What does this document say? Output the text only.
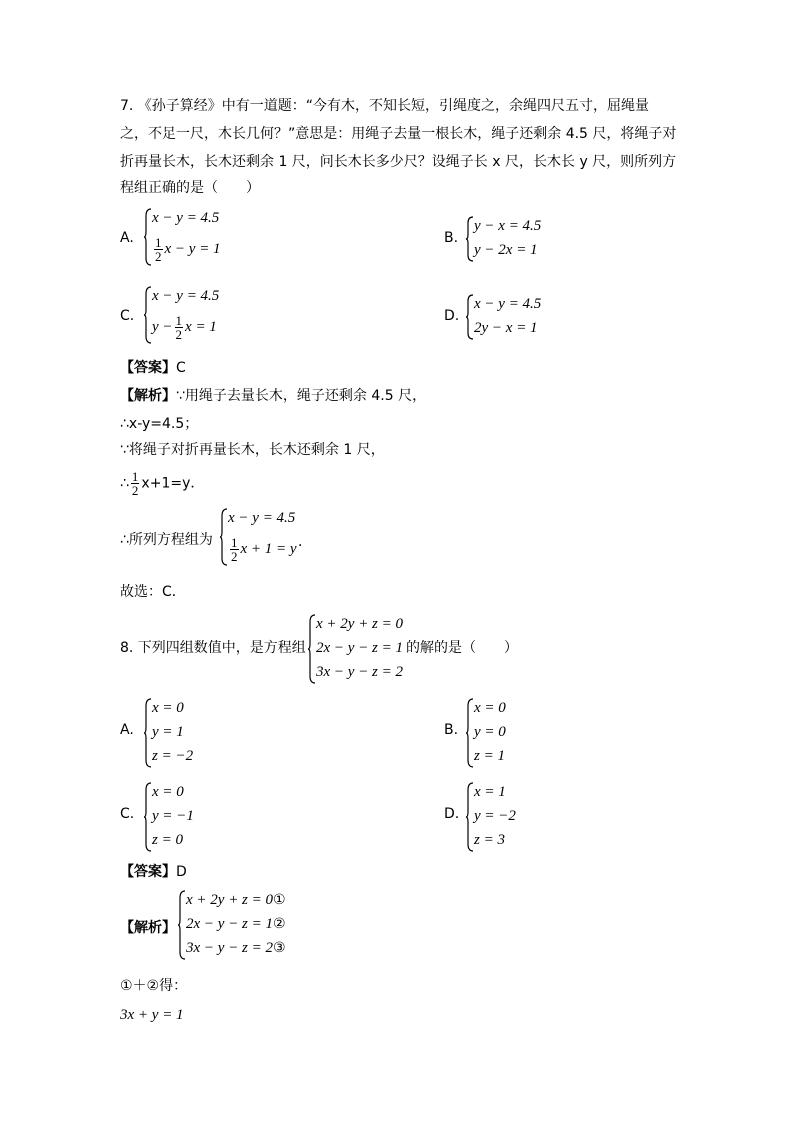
7. 《孙子算经》中有一道题：“今有木，不知长短，引绳度之，余绳四尺五寸，屈绳量
之，不足一尺，木长几何？”意思是：用绳子去量一根长木，绳子还剩余 4.5 尺，将绳子对
折再量长木，长木还剩余 1 尺，问长木长多少尺？设绳子长 x 尺，长木长 y 尺，则所列方
程组正确的是（　　）
A.
x − y = 4.5
$\frac{1}{2}$ x − y = 1
B.
y − x = 4.5
y − 2x = 1
C.
x − y = 4.5
$y - \frac{1}{2}$ x = 1
D.
x − y = 4.5
2y − x = 1
【答案】C
【解析】∵用绳子去量长木，绳子还剩余 4.5 尺，
∴x-y=4.5；
∵将绳子对折再量长木，长木还剩余 1 尺，
∴ $\frac{1}{2} x+1=y$．
∴所列方程组为
x − y = 4.5
$\frac{1}{2}$ x + 1 = y ．
故选：C．
8. 下列四组数值中，是方程组
x + 2y + z = 0
2x − y − z = 1
3x − y − z = 2
的解的是（　　）
A.
x = 0
y = 1
z = −2
B.
x = 0
y = 0
z = 1
C.
x = 0
y = −1
z = 0
D.
x = 1
y = −2
z = 3
【答案】D
【解析】
x + 2y + z = 0①
2x − y − z = 1②
3x − y − z = 2③
①＋②得：
3x + y = 1
